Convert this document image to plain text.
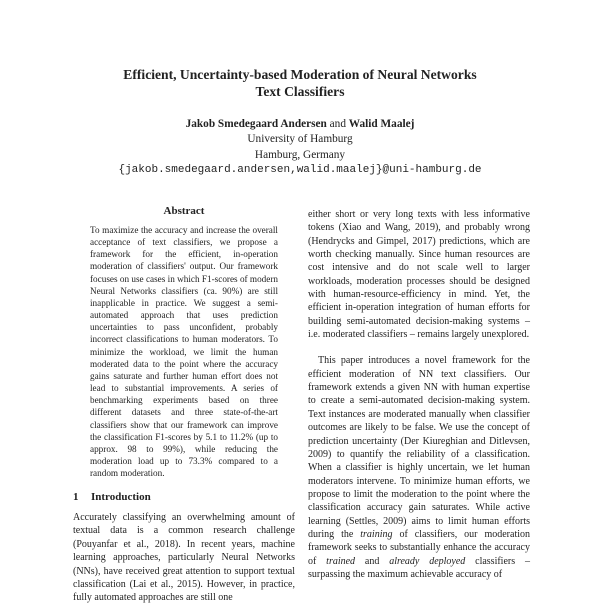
Efficient, Uncertainty-based Moderation of Neural Networks
Text Classifiers
Jakob Smedegaard Andersen and Walid Maalej
University of Hamburg
Hamburg, Germany
{jakob.smedegaard.andersen,walid.maalej}@uni-hamburg.de
Abstract

To maximize the accuracy and increase the overall acceptance of text classifiers, we propose a framework for the efficient, in-operation moderation of classifiers' output. Our framework focuses on use cases in which F1-scores of modern Neural Networks classifiers (ca. 90%) are still inapplicable in practice. We suggest a semi-automated approach that uses prediction uncertainties to pass unconfident, probably incorrect classifications to human moderators. To minimize the workload, we limit the human moderated data to the point where the accuracy gains saturate and further human effort does not lead to substantial improvements. A series of benchmarking experiments based on three different datasets and three state-of-the-art classifiers show that our framework can improve the classification F1-scores by 5.1 to 11.2% (up to approx. 98 to 99%), while reducing the moderation load up to 73.3% compared to a random moderation.

1 Introduction

Accurately classifying an overwhelming amount of textual data is a common research challenge (Pouyanfar et al., 2018). In recent years, machine learning approaches, particularly Neural Networks (NNs), have received great attention to support textual classification (Lai et al., 2015). However, in practice, fully automated approaches are still one

either short or very long texts with less informative tokens (Xiao and Wang, 2019), and probably wrong (Hendrycks and Gimpel, 2017) predictions, which are worth checking manually. Since human resources are cost intensive and do not scale well to larger workloads, moderation processes should be designed with human-resource-efficiency in mind. Yet, the efficient in-operation integration of human efforts for building semi-automated decision-making systems – i.e. moderated classifiers – remains largely unexplored.

This paper introduces a novel framework for the efficient moderation of NN text classifiers. Our framework extends a given NN with human expertise to create a semi-automated decision-making system. Text instances are moderated manually when classifier outcomes are likely to be false. We use the concept of prediction uncertainty (Der Kiureghian and Ditlevsen, 2009) to quantify the reliability of a classification. When a classifier is highly uncertain, we let human moderators intervene. To minimize human efforts, we propose to limit the moderation to the point where the classification accuracy gain saturates. While active learning (Settles, 2009) aims to limit human efforts during the training of classifiers, our moderation framework seeks to substantially enhance the accuracy of trained and already deployed classifiers – surpassing the maximum achievable accuracy of
